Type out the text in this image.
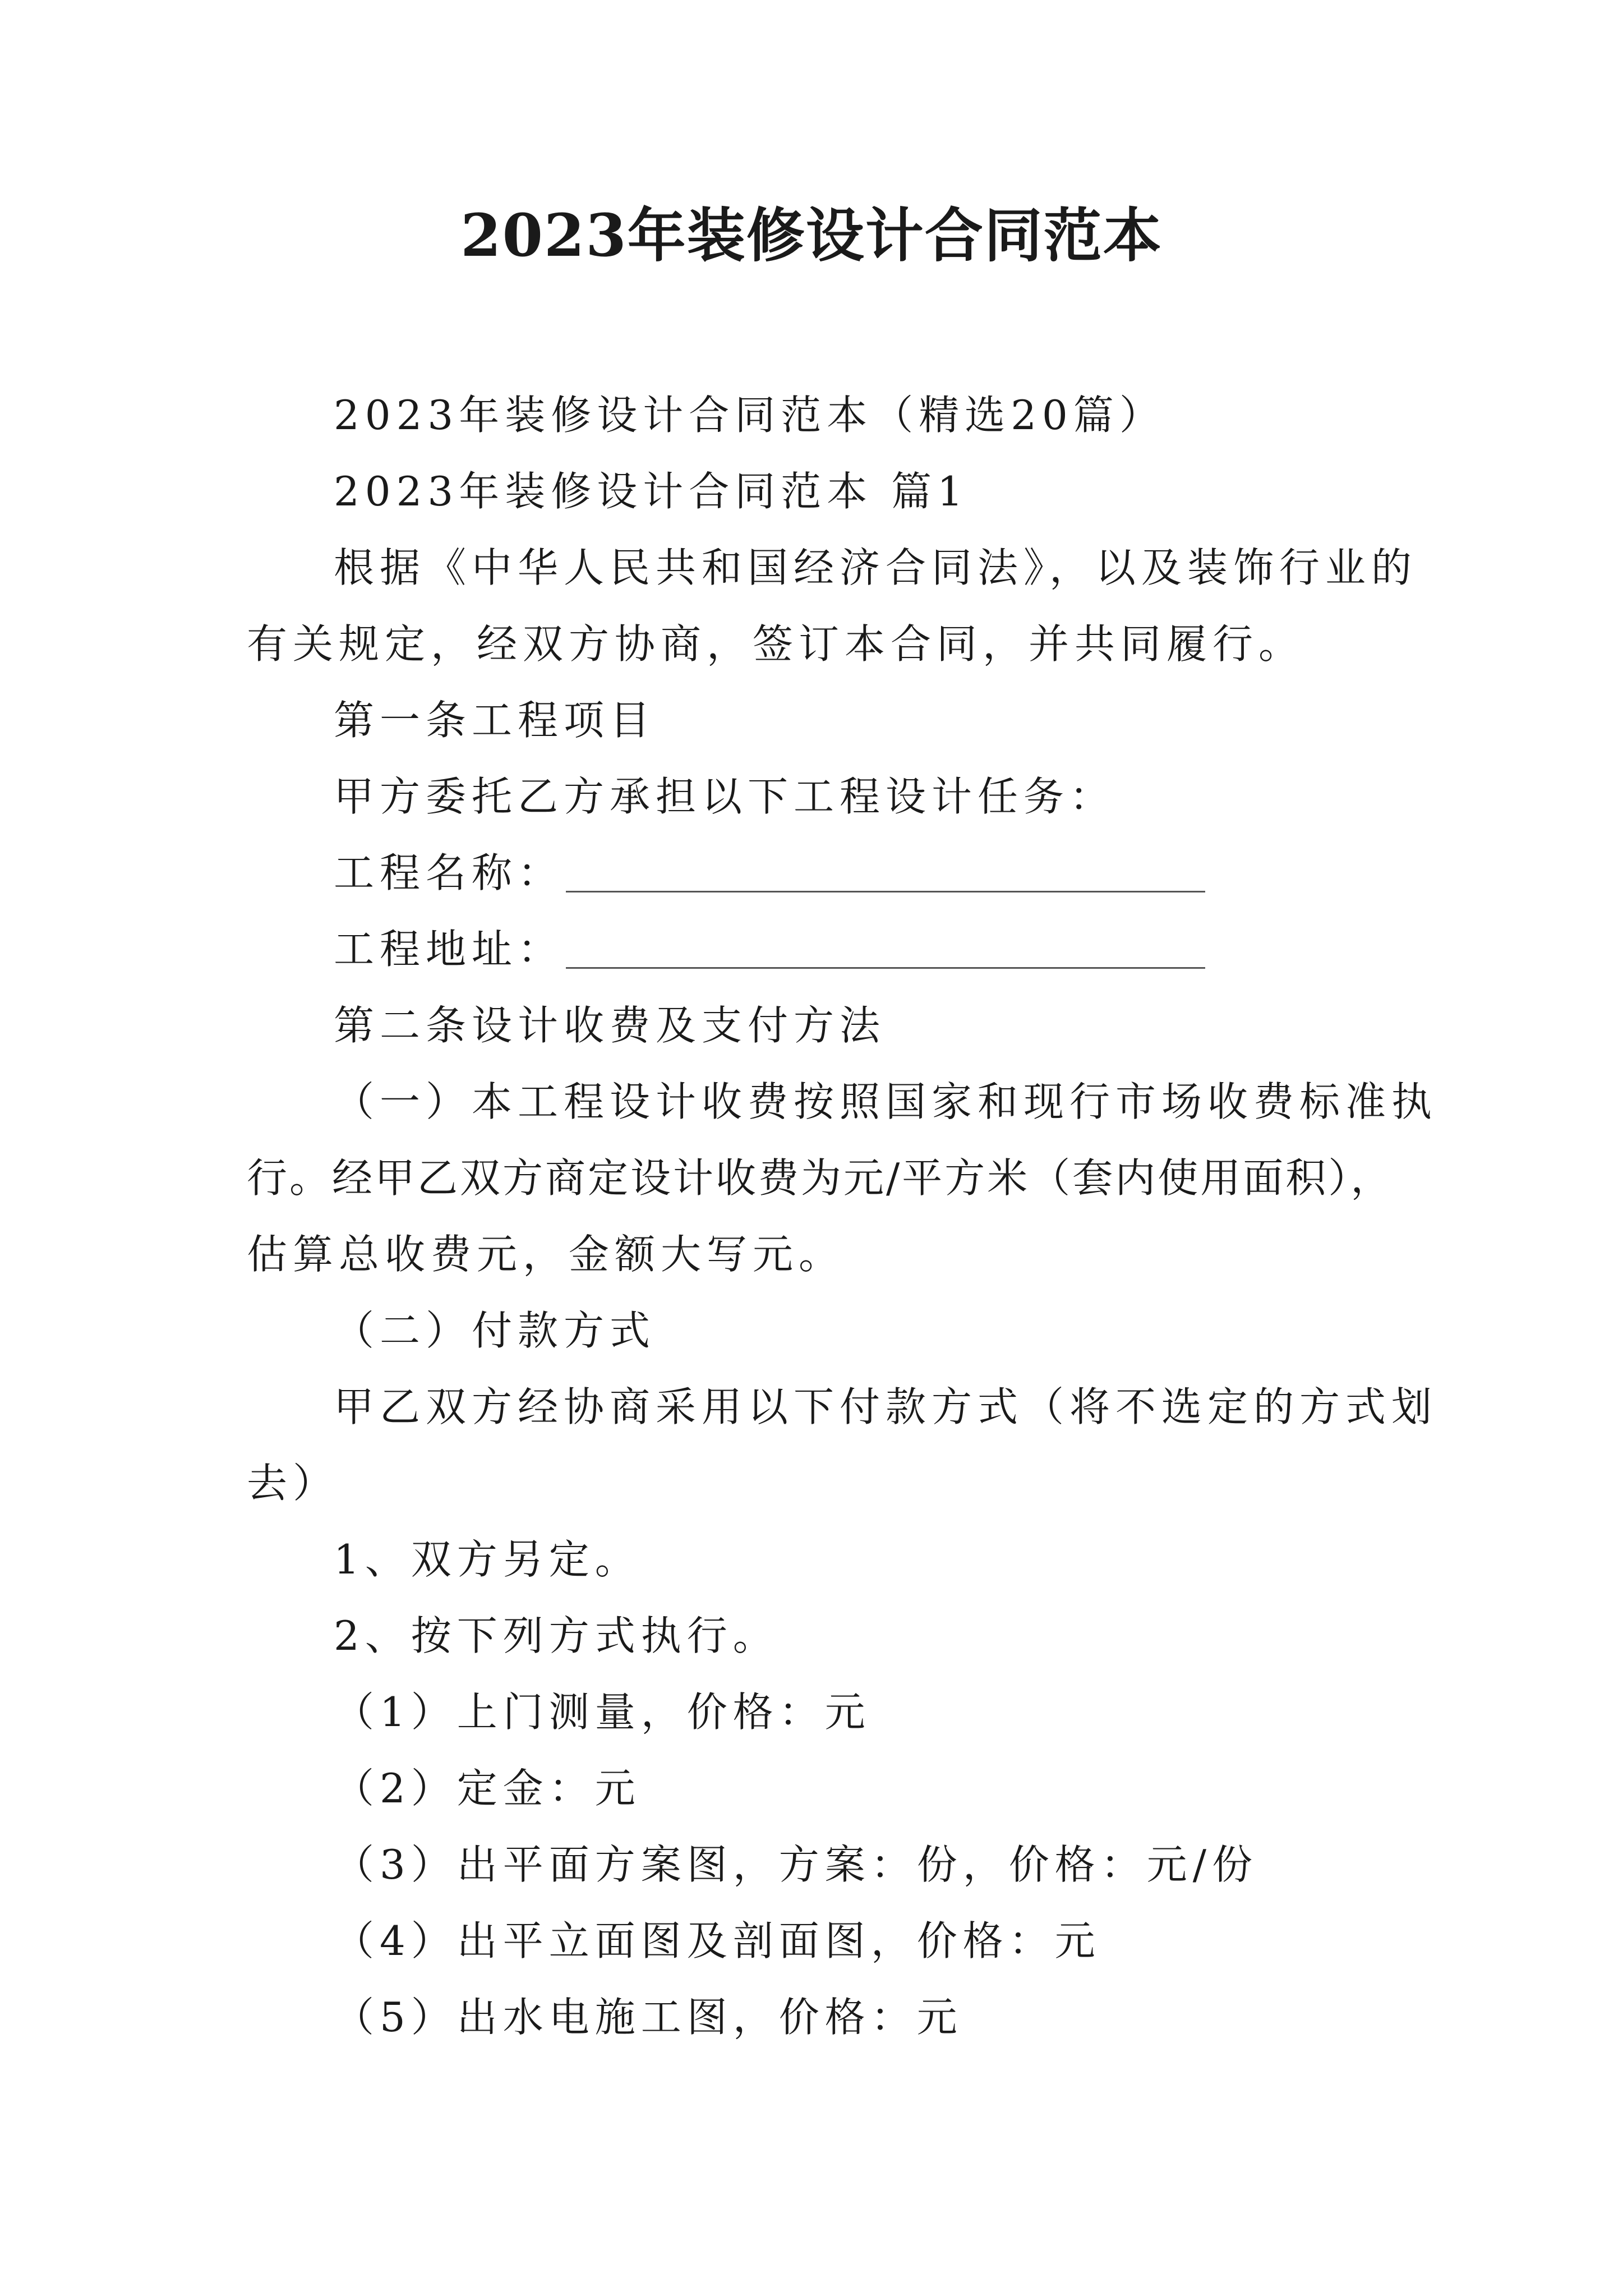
2023年装修设计合同范本
2023年装修设计合同范本（精选20篇）
2023年装修设计合同范本 篇1
根据《中华人民共和国经济合同法》，以及装饰行业的
有关规定，经双方协商，签订本合同，并共同履行。
第一条工程项目
甲方委托乙方承担以下工程设计任务：
工程名称：
工程地址：
第二条设计收费及支付方法
（一）本工程设计收费按照国家和现行市场收费标准执
行。经甲乙双方商定设计收费为元/平方米（套内使用面积），
估算总收费元，金额大写元。
（二）付款方式
甲乙双方经协商采用以下付款方式（将不选定的方式划
去）
1、双方另定。
2、按下列方式执行。
（1）上门测量，价格：元
（2）定金：元
（3）出平面方案图，方案：份，价格：元/份
（4）出平立面图及剖面图，价格：元
（5）出水电施工图，价格：元
